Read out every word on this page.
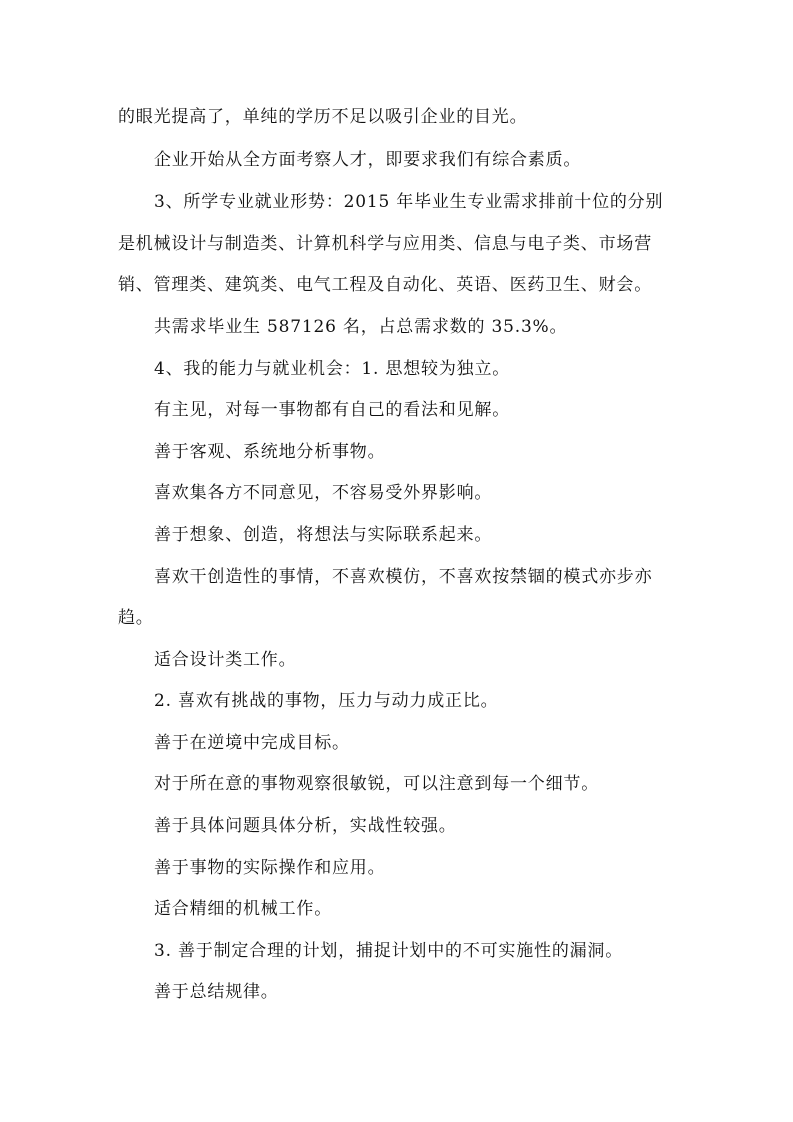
的眼光提高了，单纯的学历不足以吸引企业的目光。
企业开始从全方面考察人才，即要求我们有综合素质。
3、所学专业就业形势：2015 年毕业生专业需求排前十位的分别
是机械设计与制造类、计算机科学与应用类、信息与电子类、市场营
销、管理类、建筑类、电气工程及自动化、英语、医药卫生、财会。
共需求毕业生 587126 名，占总需求数的 35.3%。
4、我的能力与就业机会：1. 思想较为独立。
有主见，对每一事物都有自己的看法和见解。
善于客观、系统地分析事物。
喜欢集各方不同意见，不容易受外界影响。
善于想象、创造，将想法与实际联系起来。
喜欢干创造性的事情，不喜欢模仿，不喜欢按禁锢的模式亦步亦
趋。
适合设计类工作。
2. 喜欢有挑战的事物，压力与动力成正比。
善于在逆境中完成目标。
对于所在意的事物观察很敏锐，可以注意到每一个细节。
善于具体问题具体分析，实战性较强。
善于事物的实际操作和应用。
适合精细的机械工作。
3. 善于制定合理的计划，捕捉计划中的不可实施性的漏洞。
善于总结规律。
